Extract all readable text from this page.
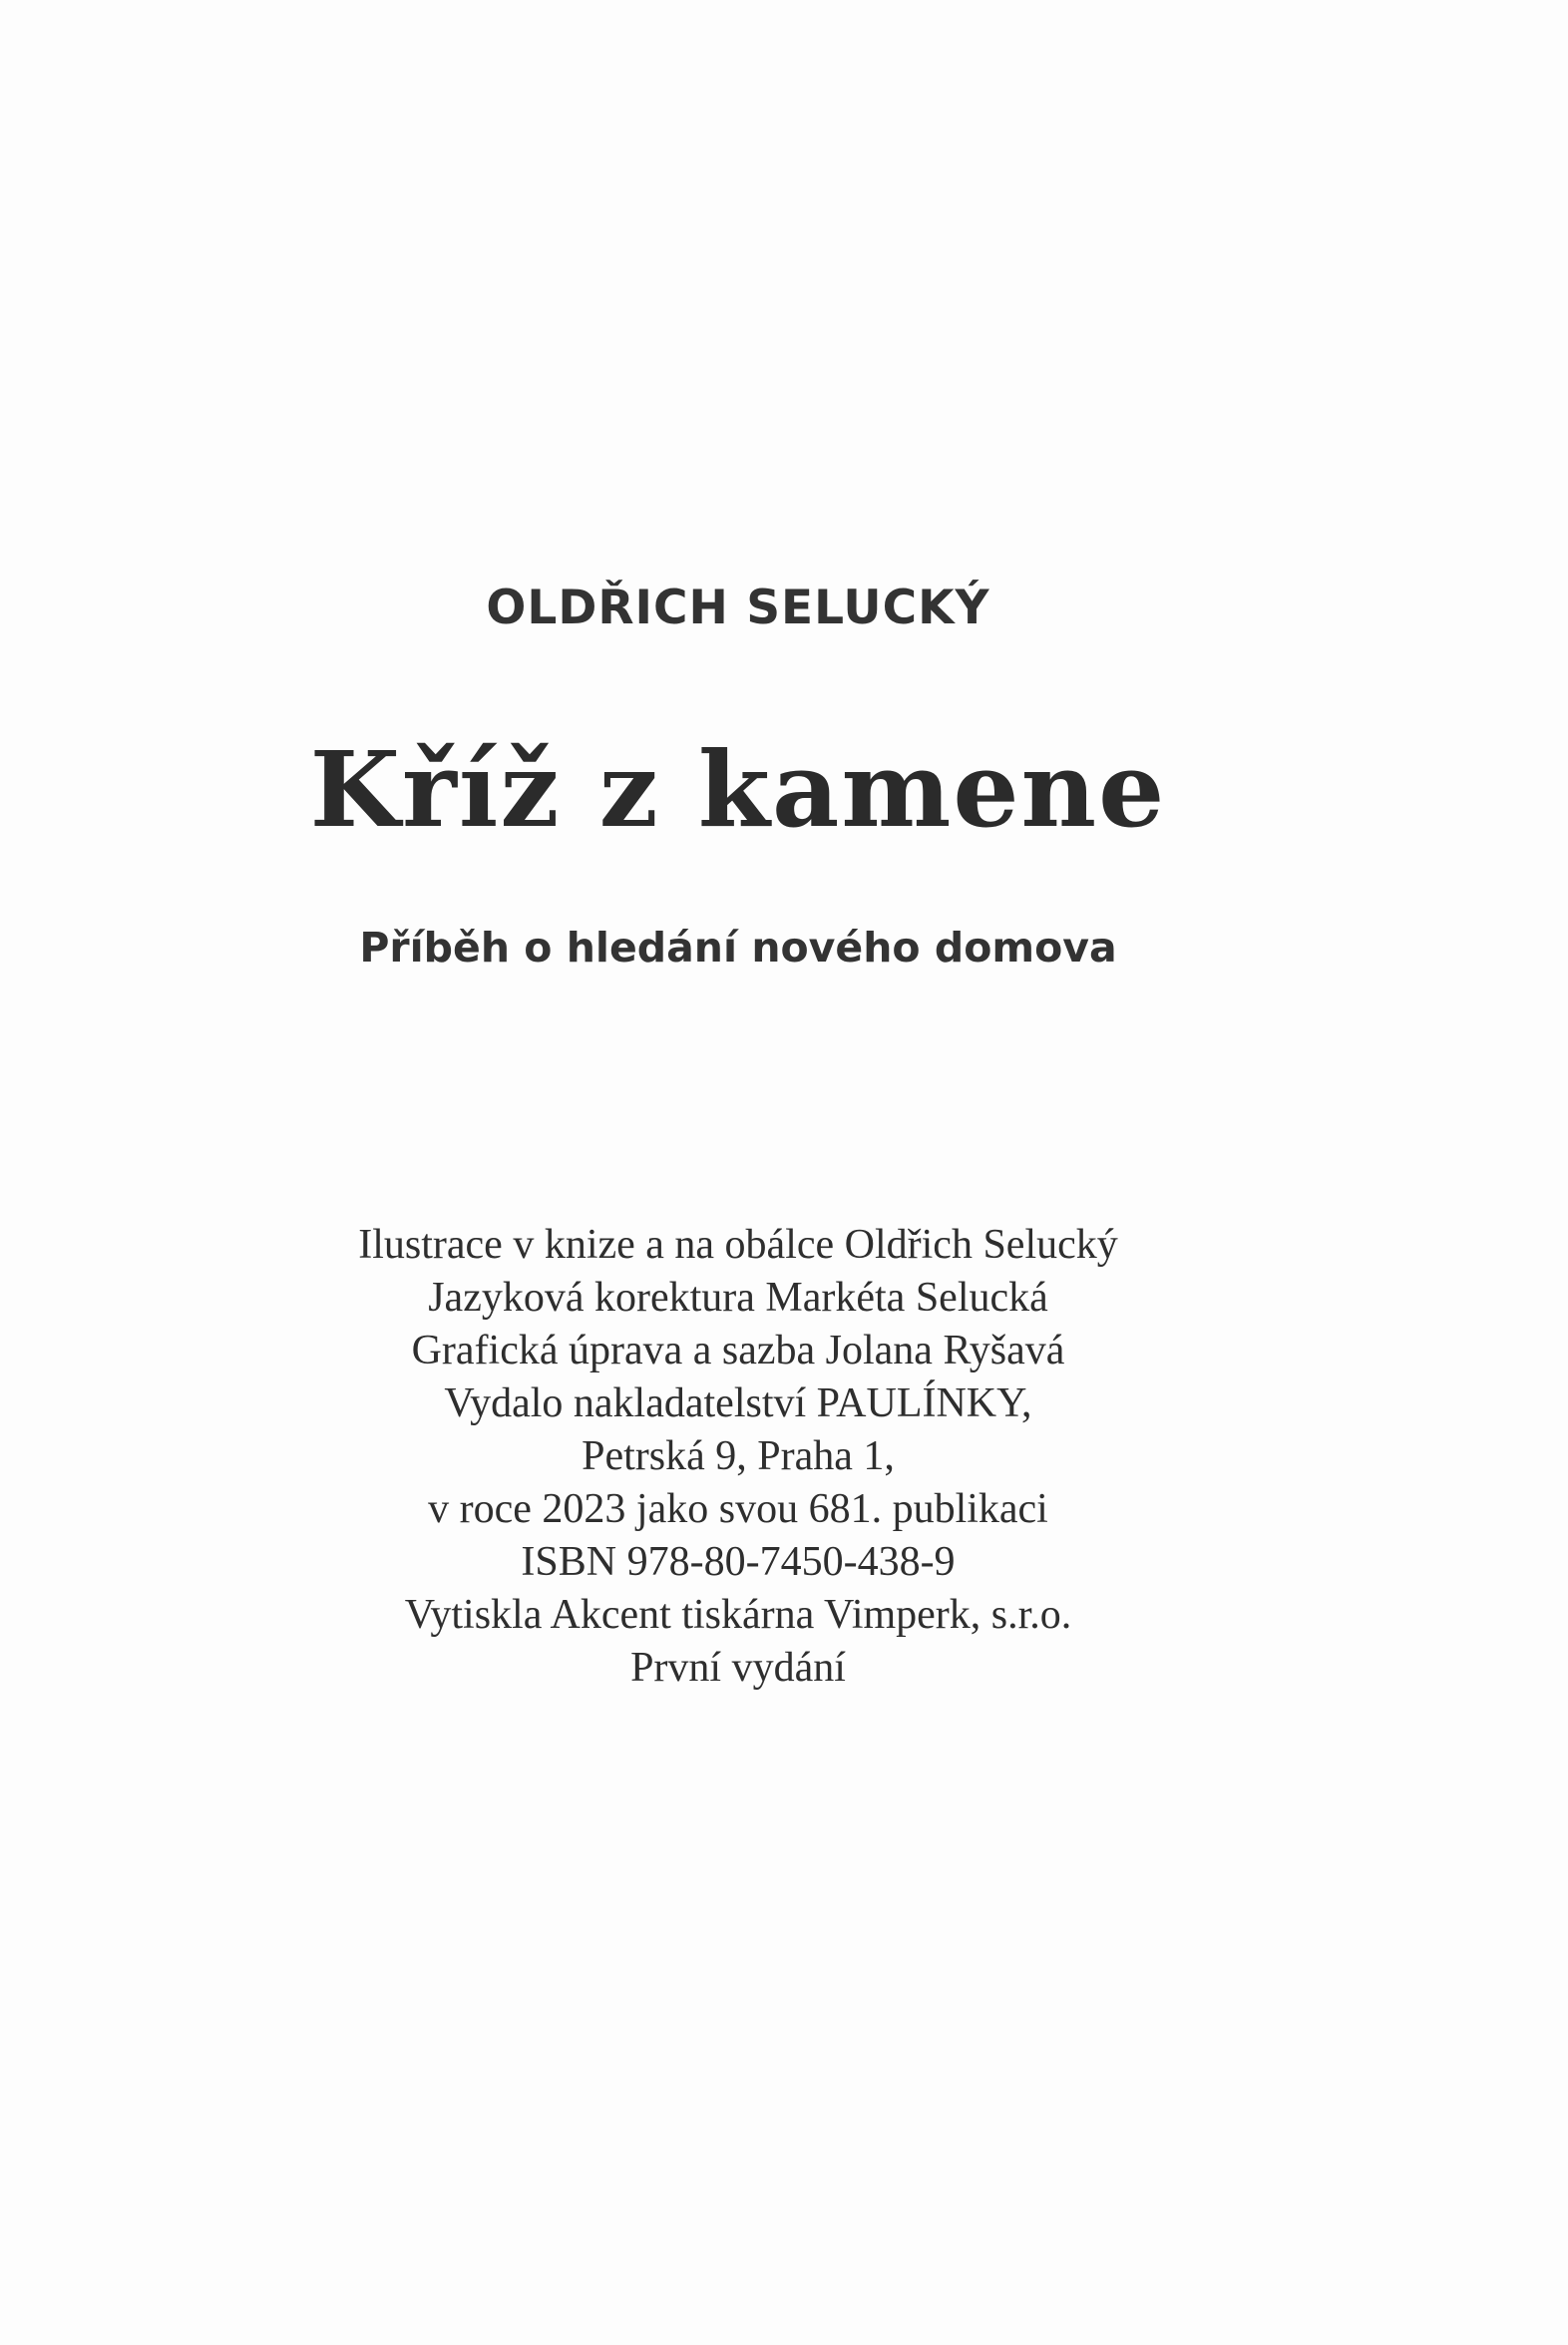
OLDŘICH SELUCKÝ
Kříž z kamene
Příběh o hledání nového domova
Ilustrace v knize a na obálce Oldřich Selucký
Jazyková korektura Markéta Selucká
Grafická úprava a sazba Jolana Ryšavá
Vydalo nakladatelství PAULÍNKY,
Petrská 9, Praha 1,
v roce 2023 jako svou 681. publikaci
ISBN 978-80-7450-438-9
Vytiskla Akcent tiskárna Vimperk, s.r.o.
První vydání
